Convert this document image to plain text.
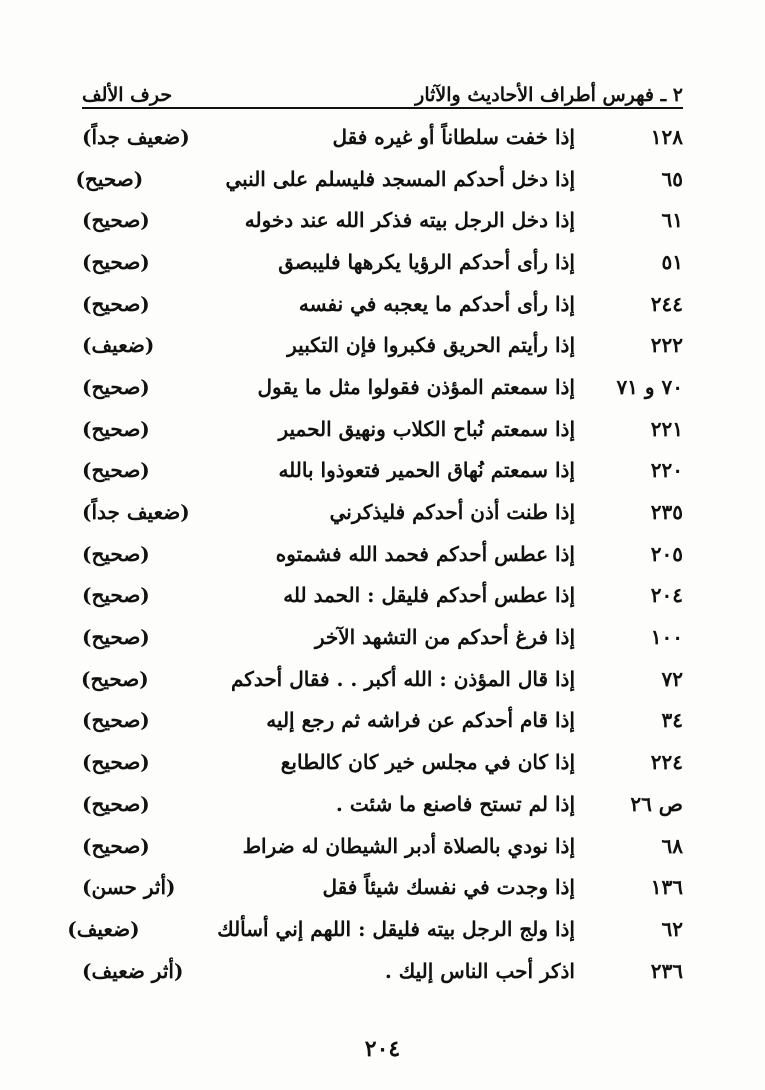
٢ ـ فهرس أطراف الأحاديث والآثار
حرف الألف
١٢٨
إذا خفت سلطاناً أو غيره فقل
(ضعيف جداً)
٦٥
إذا دخل أحدكم المسجد فليسلم على النبي
(صحيح)
٦١
إذا دخل الرجل بيته فذكر الله عند دخوله
(صحيح)
٥١
إذا رأى أحدكم الرؤيا يكرهها فليبصق
(صحيح)
٢٤٤
إذا رأى أحدكم ما يعجبه في نفسه
(صحيح)
٢٢٢
إذا رأيتم الحريق فكبروا فإن التكبير
(ضعيف)
٧٠ و ٧١
إذا سمعتم المؤذن فقولوا مثل ما يقول
(صحيح)
٢٢١
إذا سمعتم نُباح الكلاب ونهيق الحمير
(صحيح)
٢٢٠
إذا سمعتم نُهاق الحمير فتعوذوا بالله
(صحيح)
٢٣٥
إذا طنت أذن أحدكم فليذكرني
(ضعيف جداً)
٢٠٥
إذا عطس أحدكم فحمد الله فشمتوه
(صحيح)
٢٠٤
إذا عطس أحدكم فليقل : الحمد لله
(صحيح)
١٠٠
إذا فرغ أحدكم من التشهد الآخر
(صحيح)
٧٢
إذا قال المؤذن : الله أكبر . . فقال أحدكم
(صحيح)
٣٤
إذا قام أحدكم عن فراشه ثم رجع إليه
(صحيح)
٢٢٤
إذا كان في مجلس خير كان كالطابع
(صحيح)
ص ٢٦
إذا لم تستح فاصنع ما شئت .
(صحيح)
٦٨
إذا نودي بالصلاة أدبر الشيطان له ضراط
(صحيح)
١٣٦
إذا وجدت في نفسك شيئاً فقل
(أثر حسن)
٦٢
إذا ولج الرجل بيته فليقل : اللهم إني أسألك
(ضعيف)
٢٣٦
اذكر أحب الناس إليك .
(أثر ضعيف)
٢٠٤
